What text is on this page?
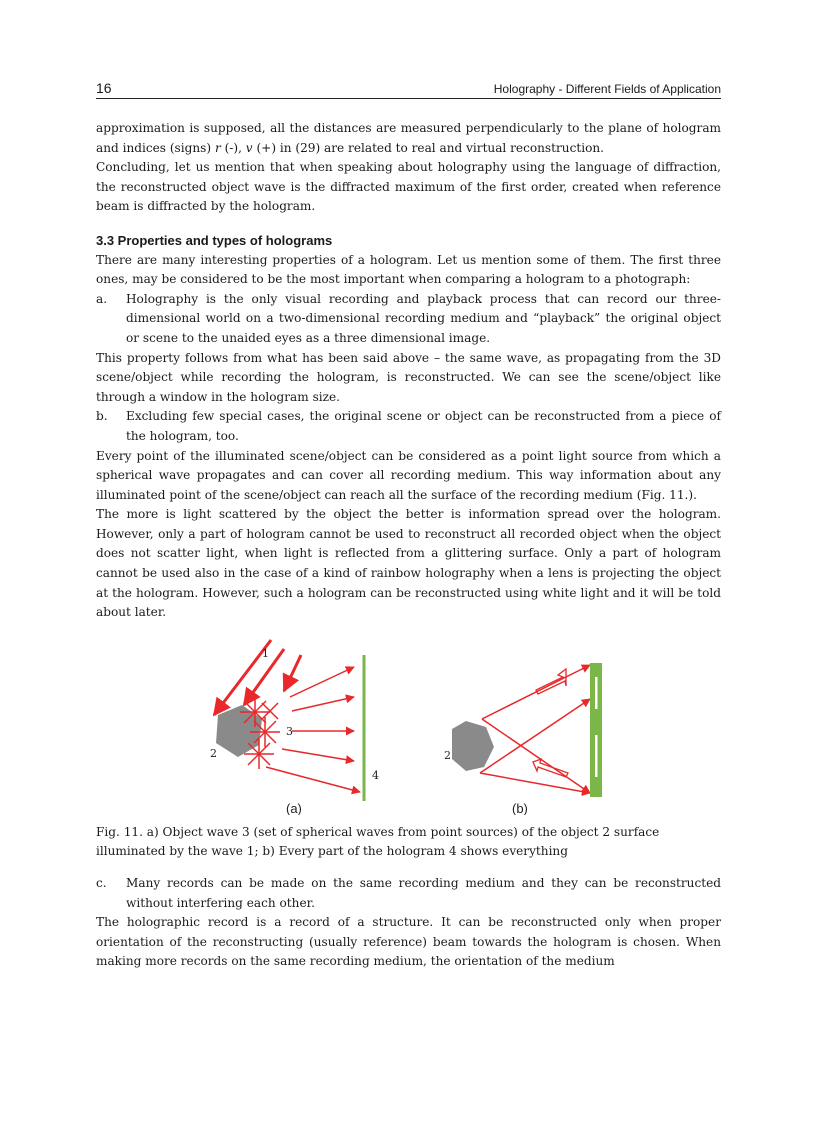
16	Holography - Different Fields of Application

approximation is supposed, all the distances are measured perpendicularly to the plane of hologram and indices (signs) r (-), v (+) in (29) are related to real and virtual reconstruction.

Concluding, let us mention that when speaking about holography using the language of diffraction, the reconstructed object wave is the diffracted maximum of the first order, created when reference beam is diffracted by the hologram.

3.3 Properties and types of holograms

There are many interesting properties of a hologram. Let us mention some of them. The first three ones, may be considered to be the most important when comparing a hologram to a photograph:

a.	Holography is the only visual recording and playback process that can record our three-dimensional world on a two-dimensional recording medium and “playback” the original object or scene to the unaided eyes as a three dimensional image.

This property follows from what has been said above – the same wave, as propagating from the 3D scene/object while recording the hologram, is reconstructed. We can see the scene/object like through a window in the hologram size.

b.	Excluding few special cases, the original scene or object can be reconstructed from a piece of the hologram, too.

Every point of the illuminated scene/object can be considered as a point light source from which a spherical wave propagates and can cover all recording medium. This way information about any illuminated point of the scene/object can reach all the surface of the recording medium (Fig. 11.).

The more is light scattered by the object the better is information spread over the hologram. However, only a part of hologram cannot be used to reconstruct all recorded object when the object does not scatter light, when light is reflected from a glittering surface. Only a part of hologram cannot be used also in the case of a kind of rainbow holography when a lens is projecting the object at the hologram. However, such a hologram can be reconstructed using white light and it will be told about later.

1
2
3
4
2
(a)	(b)

Fig. 11. a) Object wave 3 (set of spherical waves from point sources) of the object 2 surface illuminated by the wave 1; b) Every part of the hologram 4 shows everything

c.	Many records can be made on the same recording medium and they can be reconstructed without interfering each other.

The holographic record is a record of a structure. It can be reconstructed only when proper orientation of the reconstructing (usually reference) beam towards the hologram is chosen. When making more records on the same recording medium, the orientation of the medium
